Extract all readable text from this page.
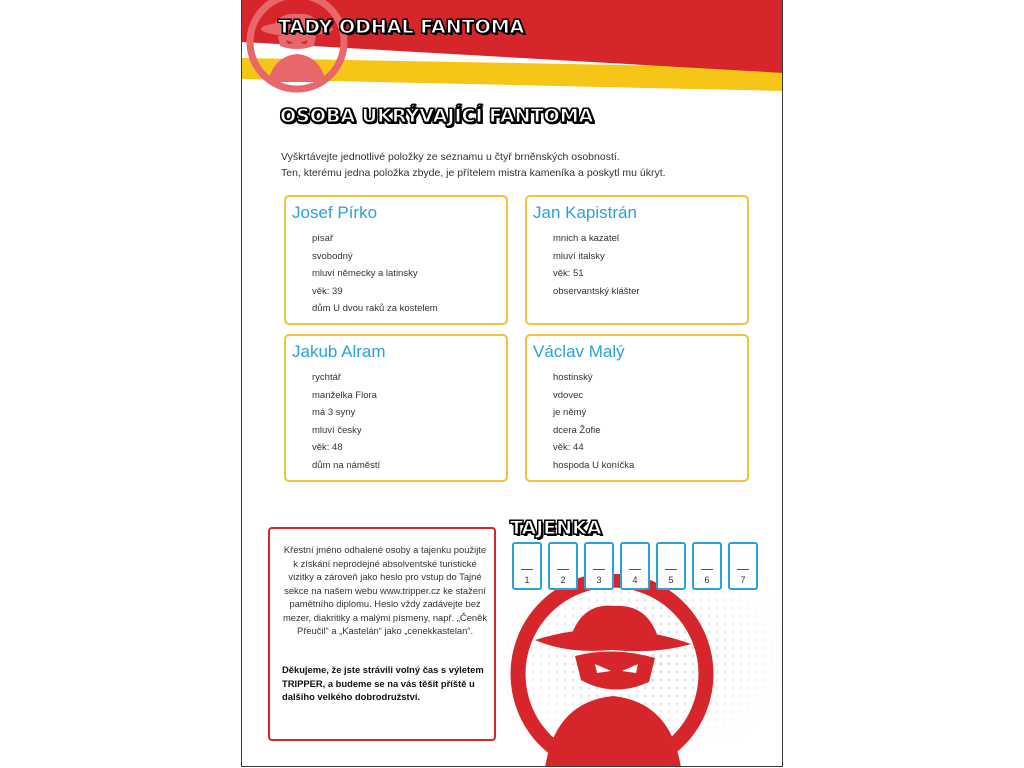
TADY ODHAL FANTOMA
OSOBA UKRÝVAJÍCÍ FANTOMA

Vyškrtávejte jednotlivé položky ze seznamu u čtyř brněnských osobností.

Ten, kterému jedna položka zbyde, je přítelem mistra kameníka a poskytl mu úkryt.

Josef Pírko
písař
svobodný
mluví německy a latinsky
věk: 39
dům U dvou raků za kostelem
Jan Kapistrán
mnich a kazatel
mluví italsky
věk: 51
observantský klášter
Jakub Alram
rychtář
manželka Flora
má 3 syny
mluví česky
věk: 48
dům na náměstí
Václav Malý
hostinský
vdovec
je němý
dcera Žofie
věk: 44
hospoda U koníčka

Křestní jméno odhalené osoby a tajenku použijte k získání neprodejné absolventské turistické vizitky a zároveň jako heslo pro vstup do Tajné sekce na našem webu www.tripper.cz ke stažení pamětního diplomu. Heslo vždy zadávejte bez mezer, diakritiky a malými písmeny, např. „Čeněk Přeučil“ a „Kastelán“ jako „cenekkastelan“.

Děkujeme, že jste strávili volný čas s výletem TRIPPER, a budeme se na vás těšit příště u dalšího velkého dobrodružství.

TAJENKA
1	2	3	4	5	6	7
